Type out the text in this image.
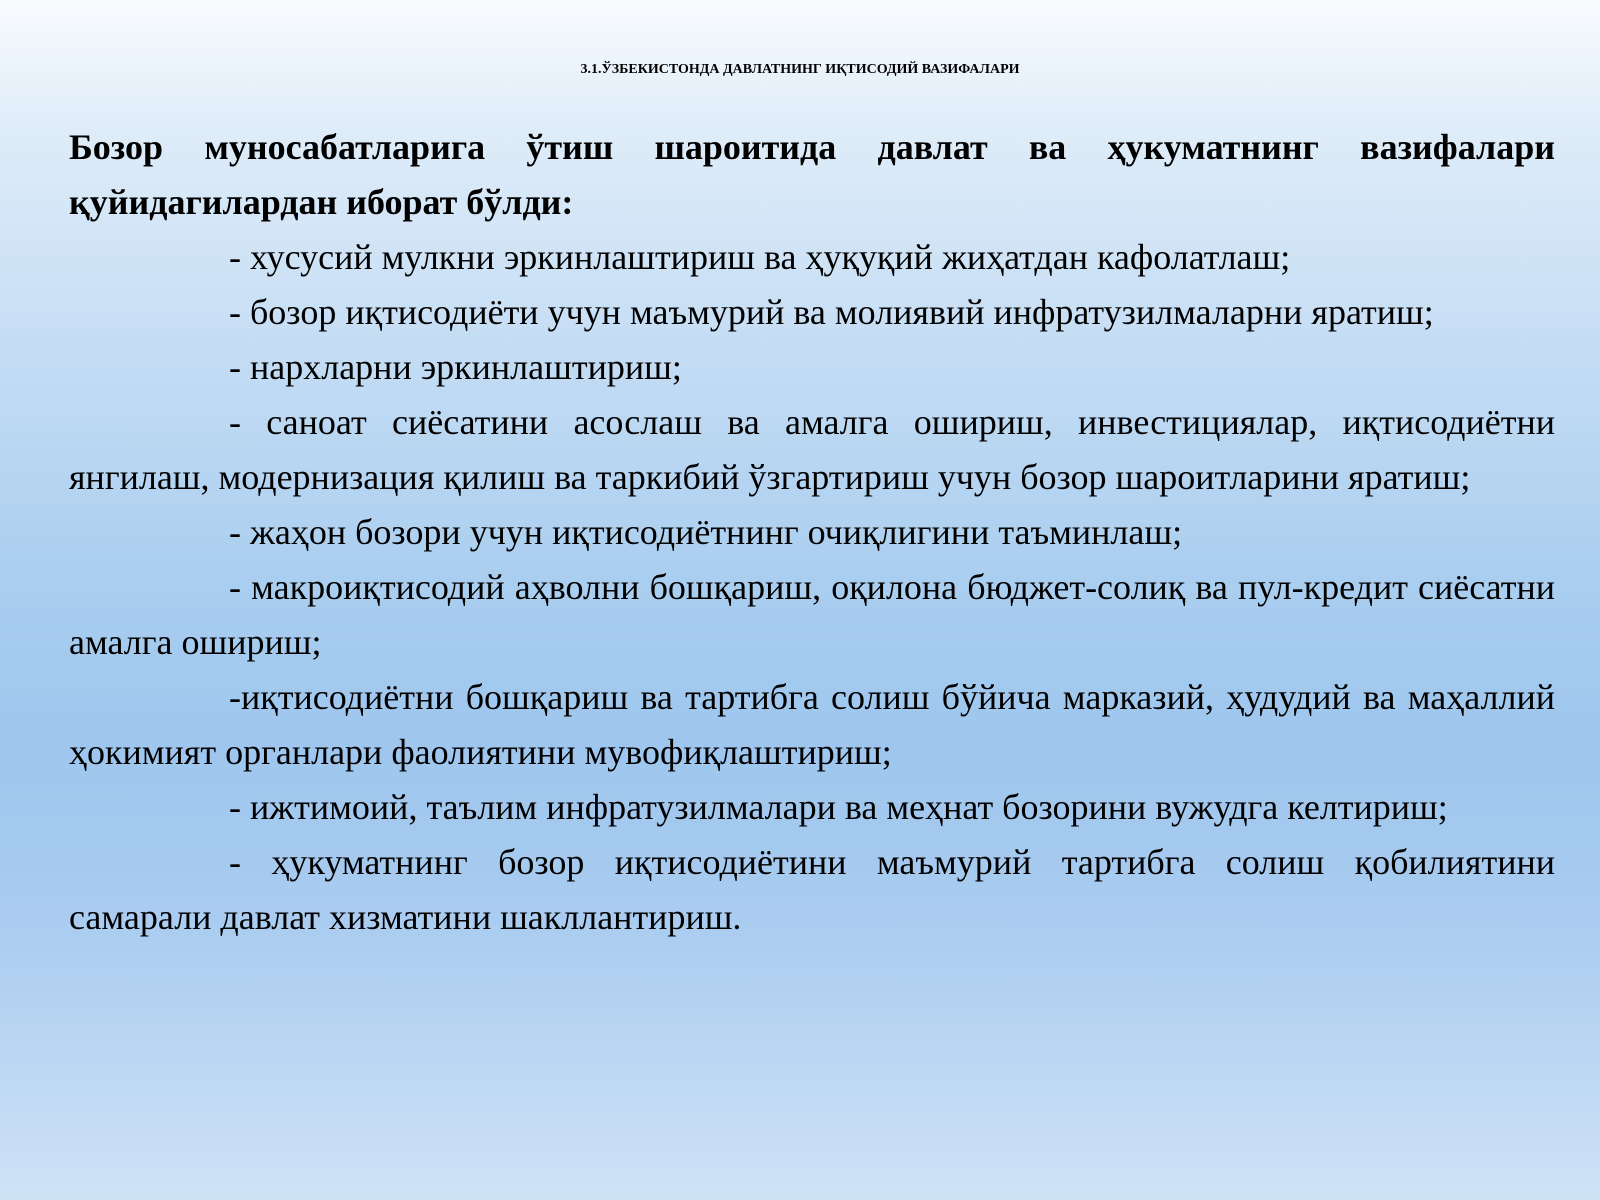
3.1.ЎЗБЕКИСТОНДА ДАВЛАТНИНГ ИҚТИСОДИЙ ВАЗИФАЛАРИ

Бозор муносабатларига ўтиш шароитида давлат ва ҳукуматнинг вазифалари қуйидагилардан иборат бўлди:

- хусусий мулкни эркинлаштириш ва ҳуқуқий жиҳатдан кафолатлаш;

- бозор иқтисодиёти учун маъмурий ва молиявий инфратузилмаларни яратиш;

- нархларни эркинлаштириш;

- саноат сиёсатини асослаш ва амалга ошириш, инвестициялар, иқтисодиётни янгилаш, модернизация қилиш ва таркибий ўзгартириш учун бозор шароитларини яратиш;

- жаҳон бозори учун иқтисодиётнинг очиқлигини таъминлаш;

- макроиқтисодий аҳволни бошқариш, оқилона бюджет-солиқ ва пул-кредит сиёсатни амалга ошириш;

-иқтисодиётни бошқариш ва тартибга солиш бўйича марказий, ҳудудий ва маҳаллий ҳокимият органлари фаолиятини мувофиқлаштириш;

- ижтимоий, таълим инфратузилмалари ва меҳнат бозорини вужудга келтириш;

- ҳукуматнинг бозор иқтисодиётини маъмурий тартибга солиш қобилиятини самарали давлат хизматини шакллантириш.
